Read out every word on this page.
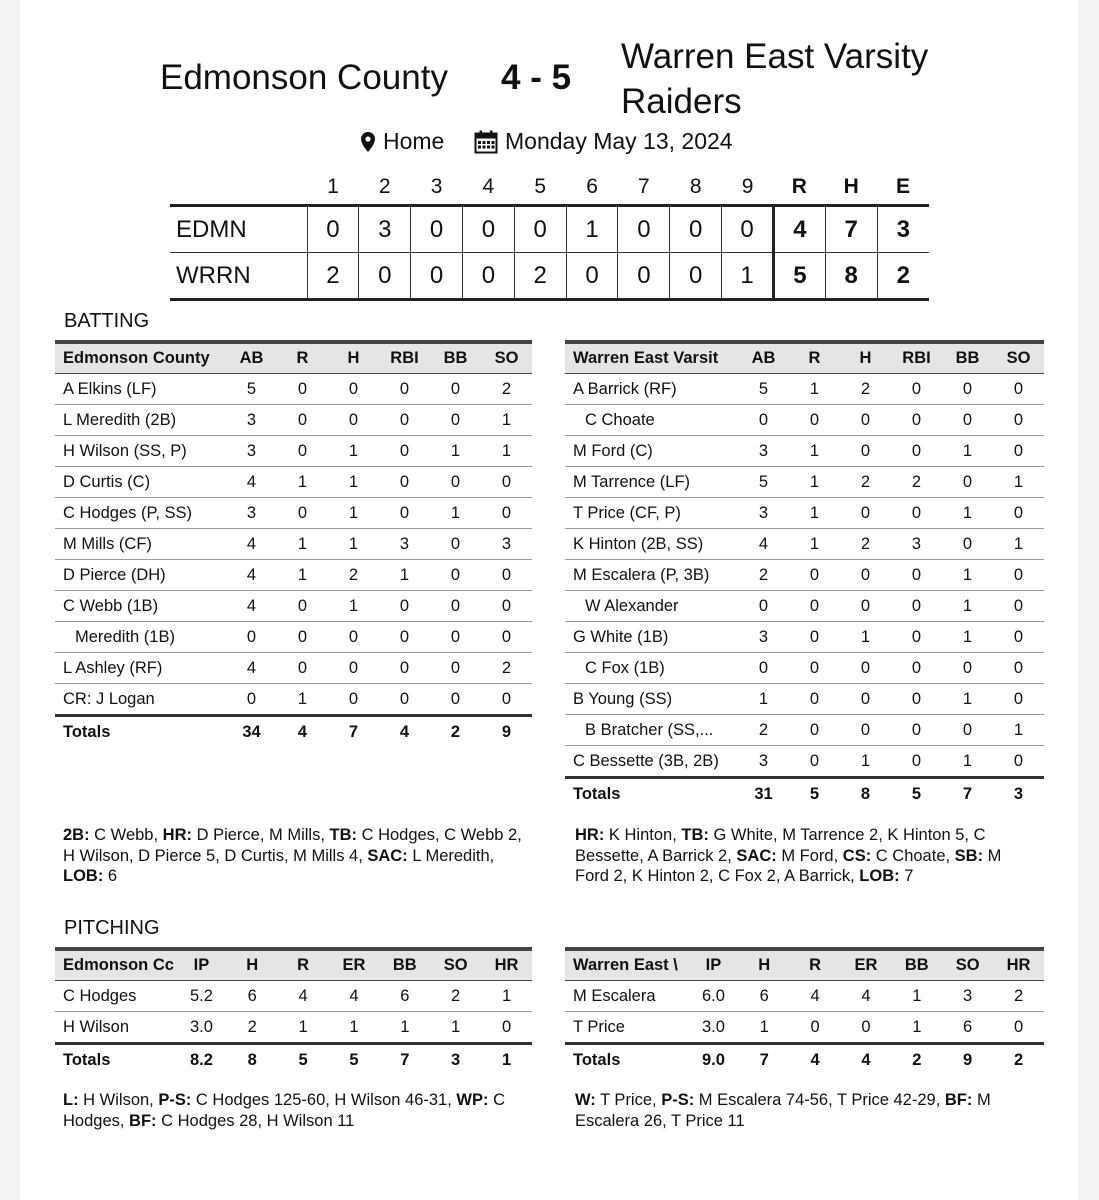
Edmonson County 4 - 5
Warren East Varsity Raiders
Home	Monday May 13, 2024
	1	2	3	4	5	6	7	8	9	R	H	E
EDMN	0	3	0	0	0	1	0	0	0	4	7	3
WRRN	2	0	0	0	2	0	0	0	1	5	8	2
BATTING
Edmonson County	AB	R	H	RBI	BB	SO
A Elkins (LF)	5	0	0	0	0	2
L Meredith (2B)	3	0	0	0	0	1
H Wilson (SS, P)	3	0	1	0	1	1
D Curtis (C)	4	1	1	0	0	0
C Hodges (P, SS)	3	0	1	0	1	0
M Mills (CF)	4	1	1	3	0	3
D Pierce (DH)	4	1	2	1	0	0
C Webb (1B)	4	0	1	0	0	0
Meredith (1B)	0	0	0	0	0	0
L Ashley (RF)	4	0	0	0	0	2
CR: J Logan	0	1	0	0	0	0
Totals	34	4	7	4	2	9
Warren East Varsit	AB	R	H	RBI	BB	SO
A Barrick (RF)	5	1	2	0	0	0
C Choate	0	0	0	0	0	0
M Ford (C)	3	1	0	0	1	0
M Tarrence (LF)	5	1	2	2	0	1
T Price (CF, P)	3	1	0	0	1	0
K Hinton (2B, SS)	4	1	2	3	0	1
M Escalera (P, 3B)	2	0	0	0	1	0
W Alexander	0	0	0	0	1	0
G White (1B)	3	0	1	0	1	0
C Fox (1B)	0	0	0	0	0	0
B Young (SS)	1	0	0	0	1	0
B Bratcher (SS,...	2	0	0	0	0	1
C Bessette (3B, 2B)	3	0	1	0	1	0
Totals	31	5	8	5	7	3
2B: C Webb, HR: D Pierce, M Mills, TB: C Hodges, C Webb 2, H Wilson, D Pierce 5, D Curtis, M Mills 4, SAC: L Meredith, LOB: 6
HR: K Hinton, TB: G White, M Tarrence 2, K Hinton 5, C Bessette, A Barrick 2, SAC: M Ford, CS: C Choate, SB: M Ford 2, K Hinton 2, C Fox 2, A Barrick, LOB: 7
PITCHING
Edmonson Cc	IP	H	R	ER	BB	SO	HR
C Hodges	5.2	6	4	4	6	2	1
H Wilson	3.0	2	1	1	1	1	0
Totals	8.2	8	5	5	7	3	1
Warren East \	IP	H	R	ER	BB	SO	HR
M Escalera	6.0	6	4	4	1	3	2
T Price	3.0	1	0	0	1	6	0
Totals	9.0	7	4	4	2	9	2
L: H Wilson, P-S: C Hodges 125-60, H Wilson 46-31, WP: C Hodges, BF: C Hodges 28, H Wilson 11
W: T Price, P-S: M Escalera 74-56, T Price 42-29, BF: M Escalera 26, T Price 11
